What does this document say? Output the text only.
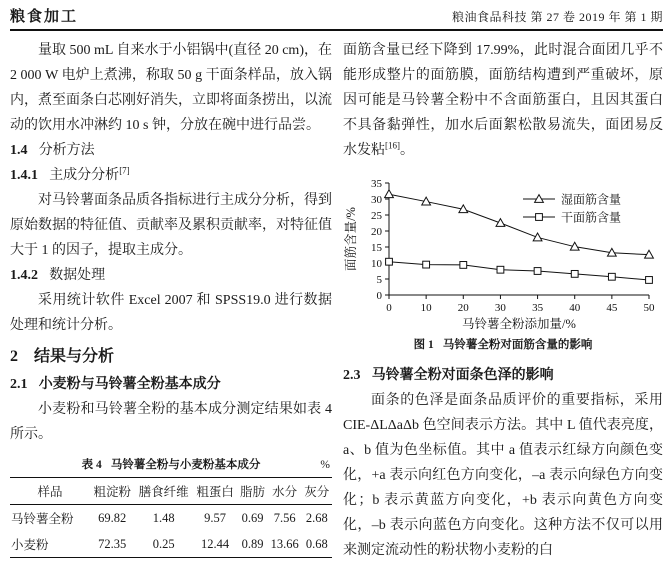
粮食加工	粮油食品科技 第 27 卷 2019 年 第 1 期

量取 500 mL 自来水于小铝锅中(直径 20 cm)，在 2 000 W 电炉上煮沸，称取 50 g 干面条样品，放入锅内，煮至面条白芯刚好消失，立即将面条捞出，以流动的饮用水冲淋约 10 s 钟，分放在碗中进行品尝。

1.4 分析方法
1.4.1 主成分分析[7]

对马铃薯面条品质各指标进行主成分分析，得到原始数据的特征值、贡献率及累积贡献率，对特征值大于 1 的因子，提取主成分。

1.4.2 数据处理

采用统计软件 Excel 2007 和 SPSS19.0 进行数据处理和统计分析。

2 结果与分析
2.1 小麦粉与马铃薯全粉基本成分

小麦粉和马铃薯全粉的基本成分测定结果如表 4 所示。

表 4 马铃薯全粉与小麦粉基本成分	%
样品	粗淀粉	膳食纤维	粗蛋白	脂肪	水分	灰分
马铃薯全粉	69.82	1.48	9.57	0.69	7.56	2.68
小麦粉	72.35	0.25	12.44	0.89	13.66	0.68

面筋含量已经下降到 17.99%，此时混合面团几乎不能形成整片的面筋膜，面筋结构遭到严重破坏，原因可能是马铃薯全粉中不含面筋蛋白，且因其蛋白不具备黏弹性，加水后面絮松散易流失，面团易反水发粘[16]。

0
5
10
15
20
25
30
35
0	10 20 30 35 40 45 50
湿面筋含量
干面筋含量
马铃薯全粉添加量/%
面筋含量/%
图 1 马铃薯全粉对面筋含量的影响
2.3 马铃薯全粉对面条色泽的影响

面条的色泽是面条品质评价的重要指标，采用 CIE-ΔLΔaΔb 色空间表示方法。其中 L 值代表亮度，a、b 值为色坐标值。其中 a 值表示红绿方向颜色变化，+a 表示向红色方向变化，–a 表示向绿色方向变化；b 表示黄蓝方向变化，+b 表示向黄色方向变化，–b 表示向蓝色方向变化。这种方法不仅可以用来测定流动性的粉状物小麦粉的白
